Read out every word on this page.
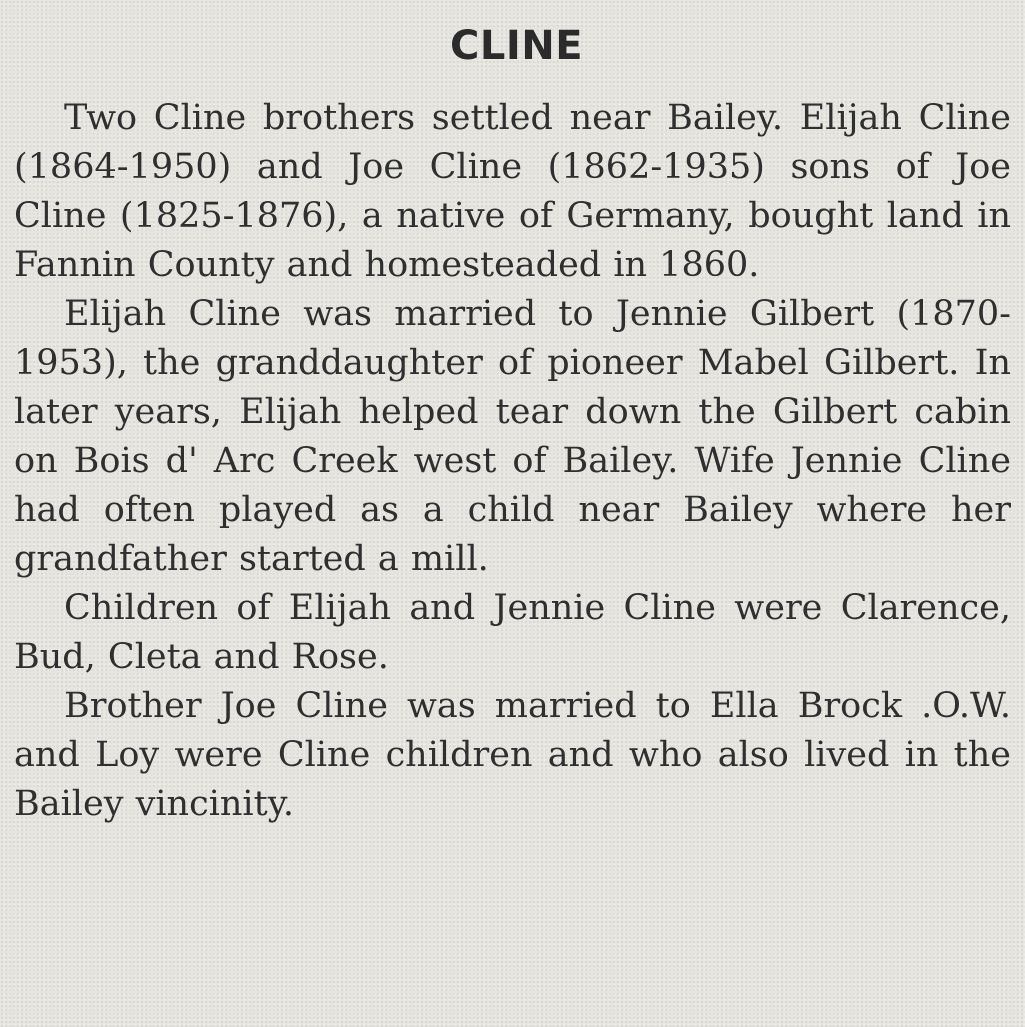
CLINE

Two Cline brothers settled near Bailey. Elijah Cline (1864-1950) and Joe Cline (1862-1935) sons of Joe Cline (1825-1876), a native of Germany, bought land in Fannin County and homesteaded in 1860.

Elijah Cline was married to Jennie Gilbert (1870-1953), the granddaughter of pioneer Mabel Gilbert. In later years, Elijah helped tear down the Gilbert cabin on Bois d' Arc Creek west of Bailey. Wife Jennie Cline had often played as a child near Bailey where her grandfather started a mill.

Children of Elijah and Jennie Cline were Clarence, Bud, Cleta and Rose.

Brother Joe Cline was married to Ella Brock .O.W. and Loy were Cline children and who also lived in the Bailey vincinity.
